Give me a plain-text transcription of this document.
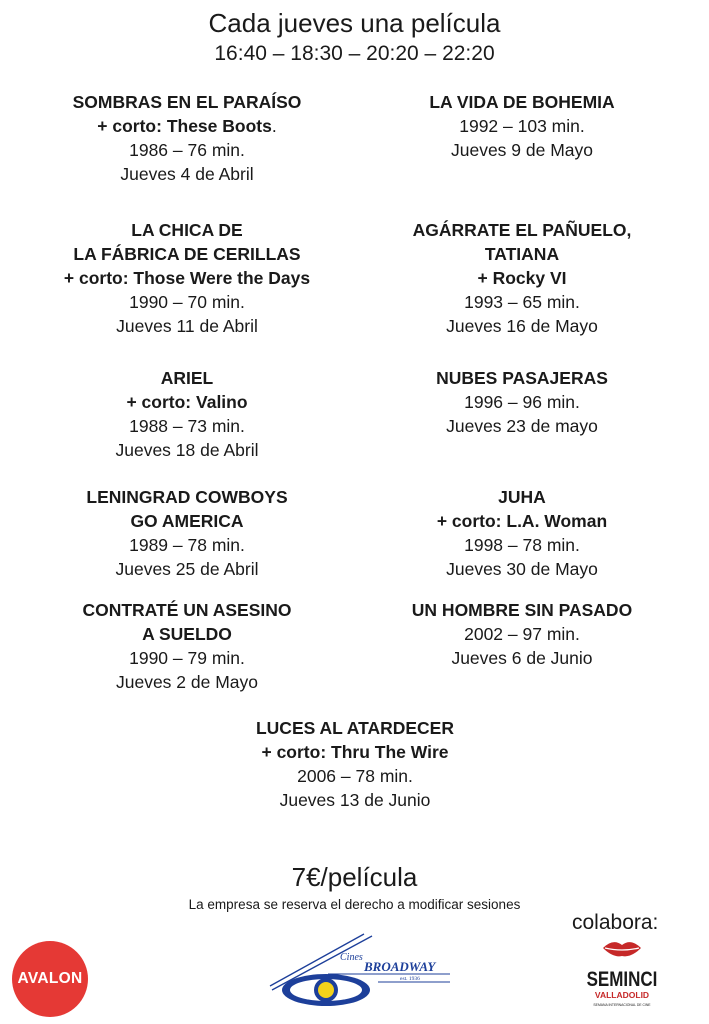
Cada jueves una película
16:40 – 18:30 – 20:20 – 22:20
SOMBRAS EN EL PARAÍSO
+ corto: These Boots.
1986 – 76 min.
Jueves 4 de Abril
LA VIDA DE BOHEMIA
1992 – 103 min.
Jueves 9 de Mayo
LA CHICA DE
LA FÁBRICA DE CERILLAS
+ corto: Those Were the Days
1990 – 70 min.
Jueves 11 de Abril
AGÁRRATE EL PAÑUELO,
TATIANA
+ Rocky VI
1993 – 65 min.
Jueves 16 de Mayo
ARIEL
+ corto: Valino
1988 – 73 min.
Jueves 18 de Abril
NUBES PASAJERAS
1996 – 96 min.
Jueves 23 de mayo
LENINGRAD COWBOYS
GO AMERICA
1989 – 78 min.
Jueves 25 de Abril
JUHA
+ corto: L.A. Woman
1998 – 78 min.
Jueves 30 de Mayo
CONTRATÉ UN ASESINO
A SUELDO
1990 – 79 min.
Jueves 2 de Mayo
UN HOMBRE SIN PASADO
2002 – 97 min.
Jueves 6 de Junio
LUCES AL ATARDECER
+ corto: Thru The Wire
2006 – 78 min.
Jueves 13 de Junio
7€/película
La empresa se reserva el derecho a modificar sesiones
colabora:
AVALON
Cines
BROADWAY
est. 1936	SEMINCI
VALLADOLID
SEMANA INTERNACIONAL DE CINE
